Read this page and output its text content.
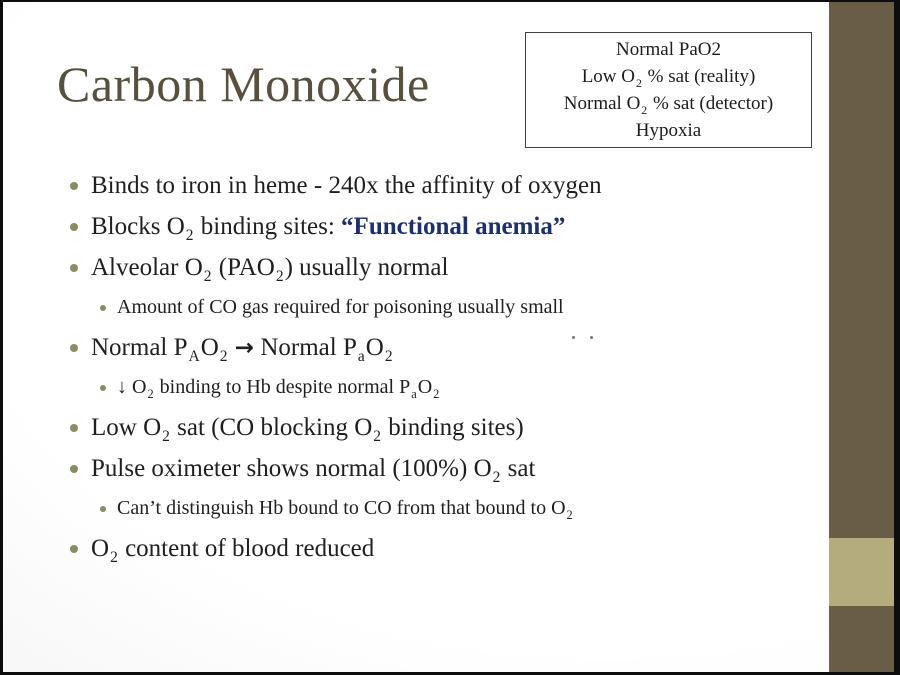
Carbon Monoxide
Normal PaO2
Low $O_2$ % sat (reality)
Normal $O_2$ % sat (detector)
Hypoxia
Binds to iron in heme - 240x the affinity of oxygen
Blocks $O_2$ binding sites: “Functional anemia”
Alveolar $O_2$ $(PAO_2)$ usually normal
Amount of CO gas required for poisoning usually small
Normal $P_AO_2$ → Normal $P_aO_2$
↓ $O_2$ binding to Hb despite normal $P_aO_2$
Low $O_2$ sat (CO blocking $O_2$ binding sites)
Pulse oximeter shows normal (100%) $O_2$ sat
Can’t distinguish Hb bound to CO from that bound to $O_2$
$O_2$ content of blood reduced
